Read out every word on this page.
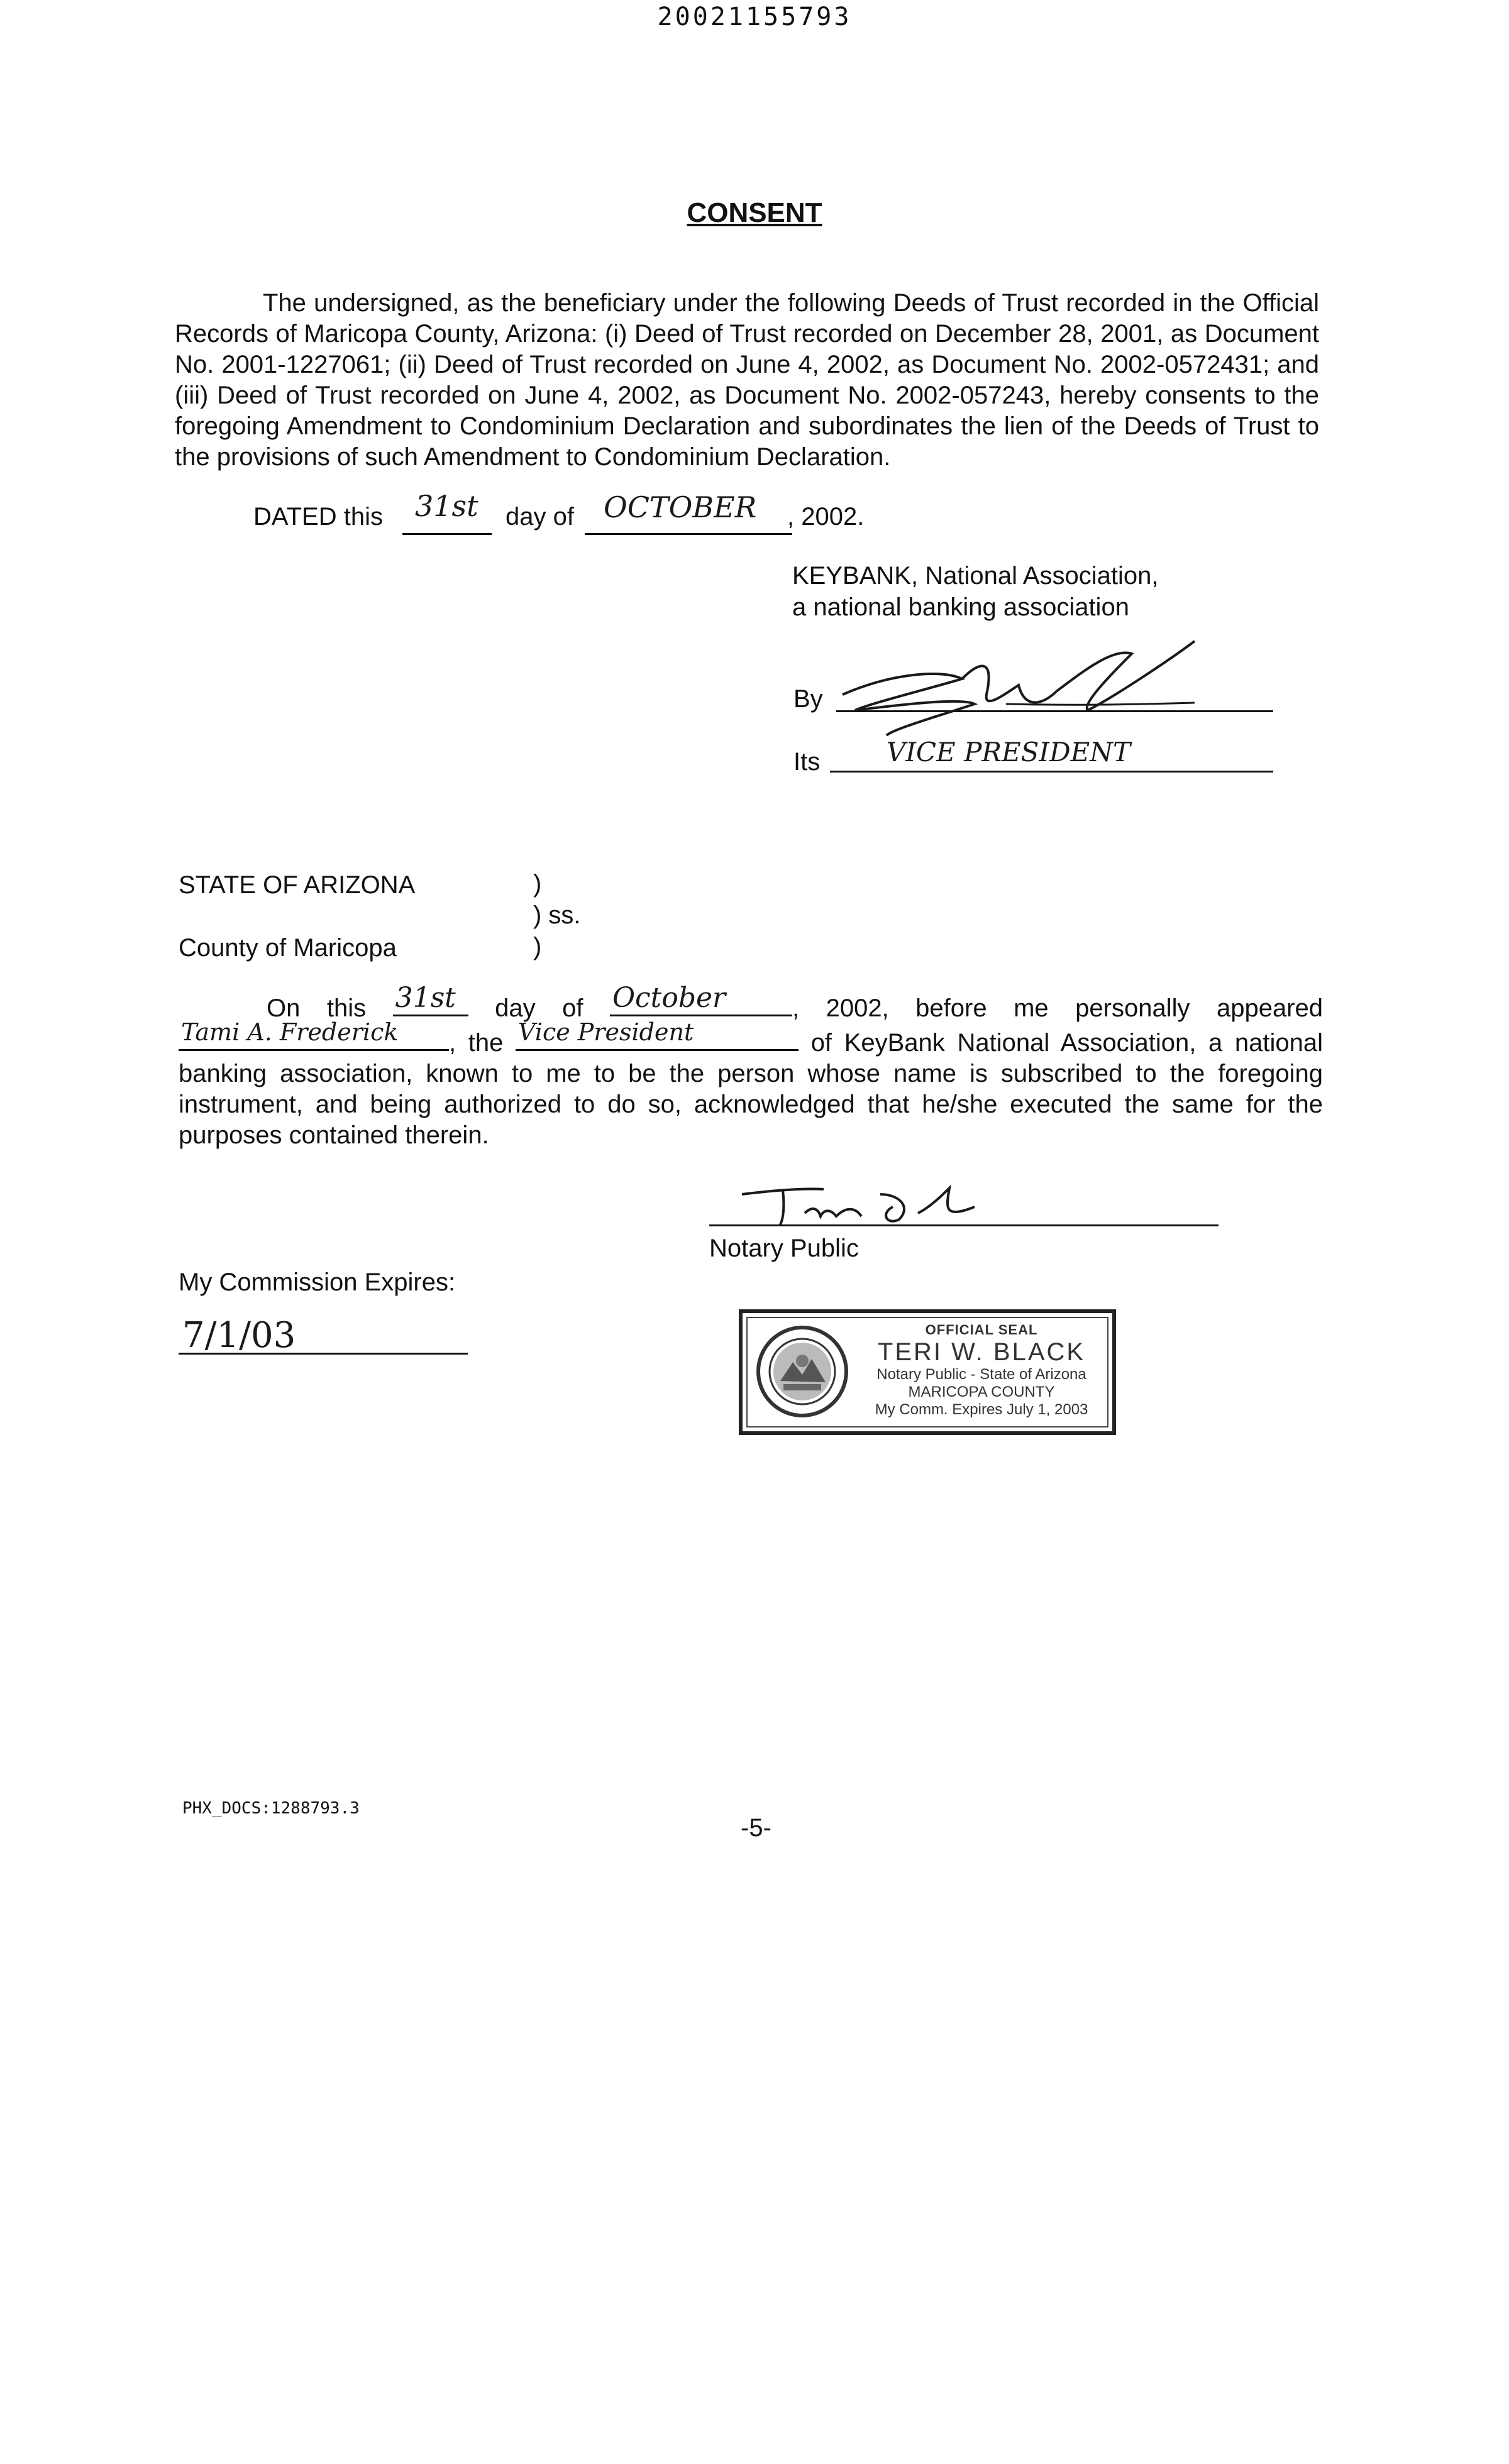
20021155793
CONSENT
The undersigned, as the beneficiary under the following Deeds of Trust recorded in the Official Records of Maricopa County, Arizona: (i) Deed of Trust recorded on December 28, 2001, as Document No. 2001-1227061; (ii) Deed of Trust recorded on June 4, 2002, as Document No. 2002-0572431; and (iii) Deed of Trust recorded on June 4, 2002, as Document No. 2002-057243, hereby consents to the foregoing Amendment to Condominium Declaration and subordinates the lien of the Deeds of Trust to the provisions of such Amendment to Condominium Declaration.
DATED this 31st day of OCTOBER , 2002.
KEYBANK, National Association,
a national banking association
By
Its	VICE PRESIDENT
STATE OF ARIZONA	)
) ss.
County of Maricopa	)
On this 31st day of October	, 2002, before me personally appeared
Tami A. Frederick , the Vice President	of KeyBank National Association, a national banking association, known to me to be the person whose name is subscribed to the foregoing instrument, and being authorized to do so, acknowledged that he/she executed the same for the purposes contained therein.
Notary Public
My Commission Expires:
7/1/03	OFFICIAL SEAL
TERI W. BLACK
Notary Public - State of Arizona
MARICOPA COUNTY
My Comm. Expires July 1, 2003
PHX_DOCS:1288793.3
-5-
